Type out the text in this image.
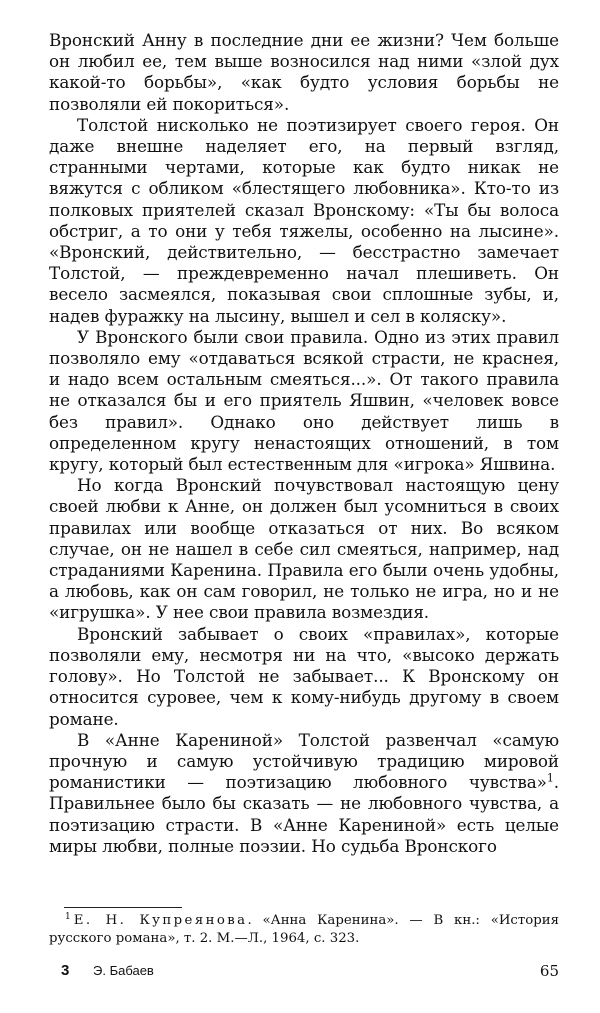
Вронский Анну в последние дни ее жизни? Чем больше он любил ее, тем выше возносился над ними «злой дух какой-то борьбы», «как будто условия борьбы не позволяли ей покориться».

Толстой нисколько не поэтизирует своего героя. Он даже внешне наделяет его, на первый взгляд, странными чертами, которые как будто никак не вяжутся с обликом «блестящего любовника». Кто-то из полковых приятелей сказал Вронскому: «Ты бы волоса обстриг, а то они у тебя тяжелы, особенно на лысине». «Вронский, действительно, — бесстрастно замечает Толстой, — преждевременно начал плешиветь. Он весело засмеялся, показывая свои сплошные зубы, и, надев фуражку на лысину, вышел и сел в коляску».

У Вронского были свои правила. Одно из этих правил позволяло ему «отдаваться всякой страсти, не краснея, и надо всем остальным смеяться...». От такого правила не отказался бы и его приятель Яшвин, «человек вовсе без правил». Однако оно действует лишь в определенном кругу ненастоящих отношений, в том кругу, который был естественным для «игрока» Яшвина.

Но когда Вронский почувствовал настоящую цену своей любви к Анне, он должен был усомниться в своих правилах или вообще отказаться от них. Во всяком случае, он не нашел в себе сил смеяться, например, над страданиями Каренина. Правила его были очень удобны, а любовь, как он сам говорил, не только не игра, но и не «игрушка». У нее свои правила возмездия.

Вронский забывает о своих «правилах», которые позволяли ему, несмотря ни на что, «высоко держать голову». Но Толстой не забывает... К Вронскому он относится суровее, чем к кому-нибудь другому в своем романе.

В «Анне Карениной» Толстой развенчал «самую прочную и самую устойчивую традицию мировой романистики — поэтизацию любовного чувства»$^1$. Правильнее было бы сказать — не любовного чувства, а поэтизацию страсти. В «Анне Карениной» есть целые миры любви, полные поэзии. Но судьба Вронского

$^1$ Е. Н. Купреянова. «Анна Каренина». — В кн.: «История русского романа», т. 2. М.—Л., 1964, с. 323.
3 Э. Бабаев	65
